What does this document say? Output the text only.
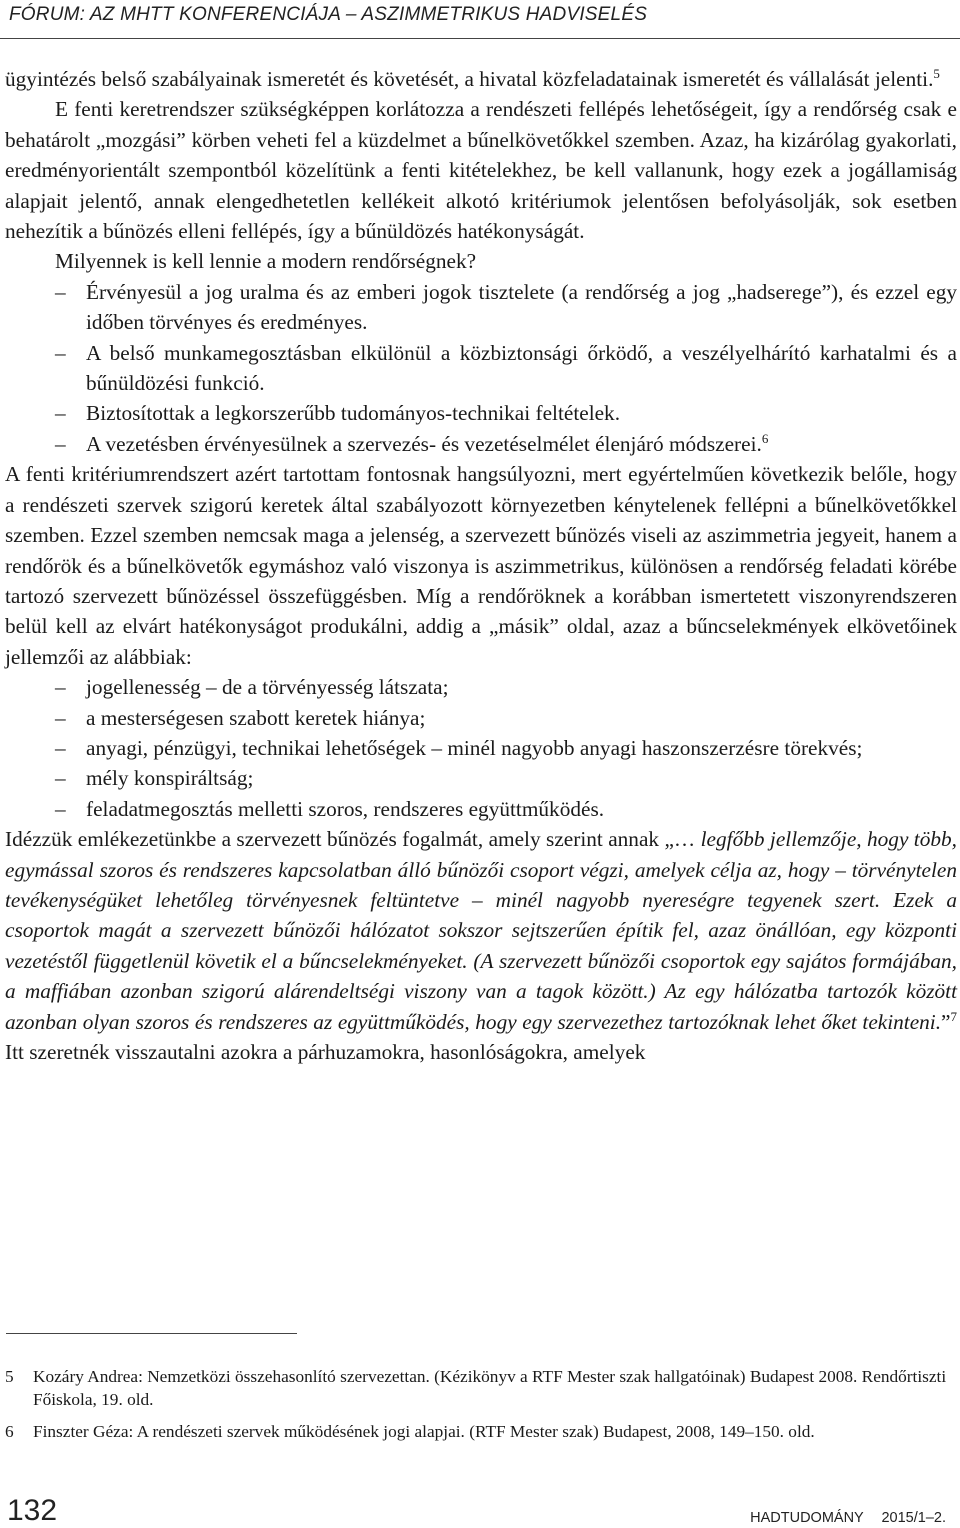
FÓRUM: AZ MHTT KONFERENCIÁJA – ASZIMMETRIKUS HADVISELÉS

ügyintézés belső szabályainak ismeretét és követését, a hivatal közfeladatainak ismeretét és vállalását jelenti.$^5$

E fenti keretrendszer szükségképpen korlátozza a rendészeti fellépés lehetőségeit, így a rendőrség csak e behatárolt „mozgási” körben veheti fel a küzdelmet a bűnelkövetőkkel szemben. Azaz, ha kizárólag gyakorlati, eredményorientált szempontból közelítünk a fenti kitételekhez, be kell vallanunk, hogy ezek a jogállamiság alapjait jelentő, annak elengedhetetlen kellékeit alkotó kritériumok jelentősen befolyásolják, sok esetben nehezítik a bűnözés elleni fellépés, így a bűnüldözés hatékonyságát.

Milyennek is kell lennie a modern rendőrségnek?

– Érvényesül a jog uralma és az emberi jogok tisztelete (a rendőrség a jog „hadserege”), és ezzel egy időben törvényes és eredményes.

– A belső munkamegosztásban elkülönül a közbiztonsági őrködő, a veszélyelhárító karhatalmi és a bűnüldözési funkció.

– Biztosítottak a legkorszerűbb tudományos-technikai feltételek.

– A vezetésben érvényesülnek a szervezés- és vezetéselmélet élenjáró módszerei.$^6$

A fenti kritériumrendszert azért tartottam fontosnak hangsúlyozni, mert egyértelműen következik belőle, hogy a rendészeti szervek szigorú keretek által szabályozott környezetben kénytelenek fellépni a bűnelkövetőkkel szemben. Ezzel szemben nemcsak maga a jelenség, a szervezett bűnözés viseli az aszimmetria jegyeit, hanem a rendőrök és a bűnelkövetők egymáshoz való viszonya is aszimmetrikus, különösen a rendőrség feladati körébe tartozó szervezett bűnözéssel összefüggésben. Míg a rendőröknek a korábban ismertetett viszonyrendszeren belül kell az elvárt hatékonyságot produkálni, addig a „másik” oldal, azaz a bűncselekmények elkövetőinek jellemzői az alábbiak:

– jogellenesség – de a törvényesség látszata;

– a mesterségesen szabott keretek hiánya;

– anyagi, pénzügyi, technikai lehetőségek – minél nagyobb anyagi haszonszerzésre törekvés;

– mély konspiráltság;

– feladatmegosztás melletti szoros, rendszeres együttműködés.

Idézzük emlékezetünkbe a szervezett bűnözés fogalmát, amely szerint annak „… legfőbb jellemzője, hogy több, egymással szoros és rendszeres kapcsolatban álló bűnözői csoport végzi, amelyek célja az, hogy – törvénytelen tevékenységüket lehetőleg törvényesnek feltüntetve – minél nagyobb nyereségre tegyenek szert. Ezek a csoportok magát a szervezett bűnözői hálózatot sokszor sejtszerűen építik fel, azaz önállóan, egy központi vezetéstől függetlenül követik el a bűncselekményeket. (A szervezett bűnözői csoportok egy sajátos formájában, a maffiában azonban szigorú alárendeltségi viszony van a tagok között.) Az egy hálózatba tartozók között azonban olyan szoros és rendszeres az együttműködés, hogy egy szervezethez tartozóknak lehet őket tekinteni.”$^7$ Itt szeretnék visszautalni azokra a párhuzamokra, hasonlóságokra, amelyek

5 Kozáry Andrea: Nemzetközi összehasonlító szervezettan. (Kézikönyv a RTF Mester szak hallgatóinak) Budapest 2008. Rendőrtiszti Főiskola, 19. old.
6 Finszter Géza: A rendészeti szervek működésének jogi alapjai. (RTF Mester szak) Budapest, 2008, 149–150. old.
132	HADTUDOMÁNY 2015/1–2.
